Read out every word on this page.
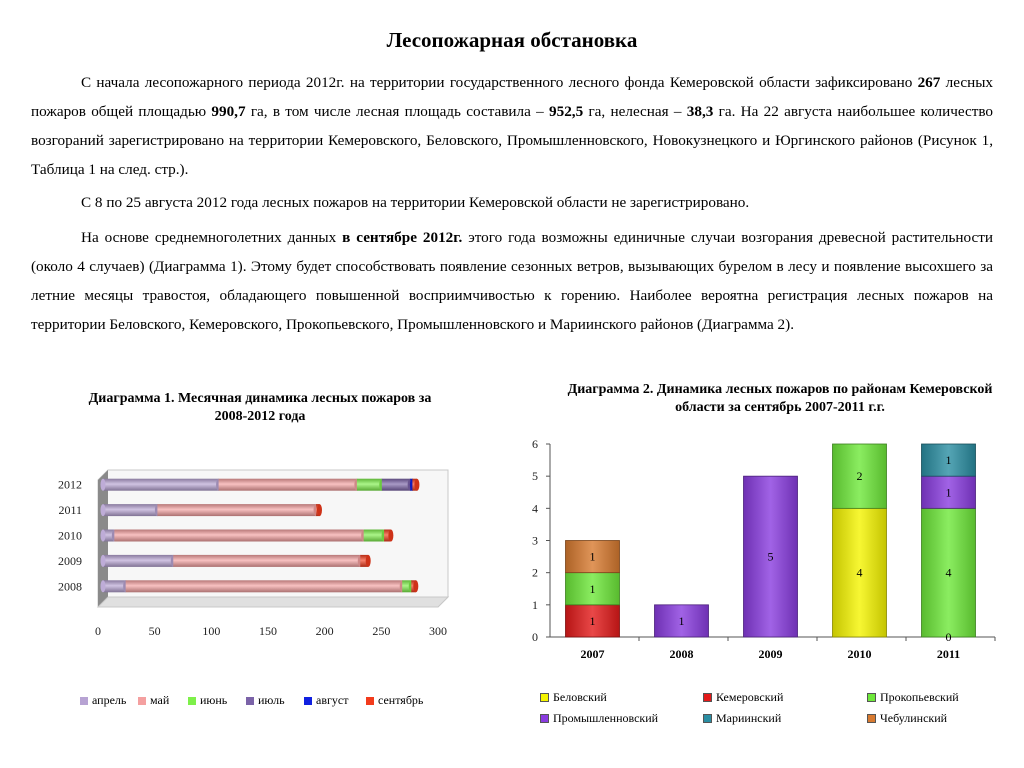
Лесопожарная обстановка

С начала лесопожарного периода 2012г. на территории государственного лесного фонда Кемеровской области зафиксировано 267 лесных пожаров общей площадью 990,7 га, в том числе лесная площадь составила – 952,5 га, нелесная – 38,3 га. На 22 августа наибольшее количество возгораний зарегистрировано на территории Кемеровского, Беловского, Промышленновского, Новокузнецкого и Юргинского районов (Рисунок 1, Таблица 1 на след. стр.).

С 8 по 25 августа 2012 года лесных пожаров на территории Кемеровской области не зарегистрировано.

На основе среднемноголетних данных в сентябре 2012г. этого года возможны единичные случаи возгорания древесной растительности (около 4 случаев) (Диаграмма 1). Этому будет способствовать появление сезонных ветров, вызывающих бурелом в лесу и появление высохшего за летние месяцы травостоя, обладающего повышенной восприимчивостью к горению. Наиболее вероятна регистрация лесных пожаров на территории Беловского, Кемеровского, Прокопьевского, Промышленновского и Мариинского районов (Диаграмма 2).

Диаграмма 1. Месячная динамика лесных пожаров за 2008-2012 года
2008
2009
2010
2011
2012
0	50	100	150	200	250	300
апрель май	июнь	июль	август сентябрь
Диаграмма 2. Динамика лесных пожаров по районам Кемеровской области за сентябрь 2007-2011 г.г.
0
1
2
3
4
5
6
2007
1
1
1
2008
1
2009
5
2010
4
2
2011
4
1
1
0
Беловский	Кемеровский	Прокопьевский
Промышленновский	Мариинский	Чебулинский
